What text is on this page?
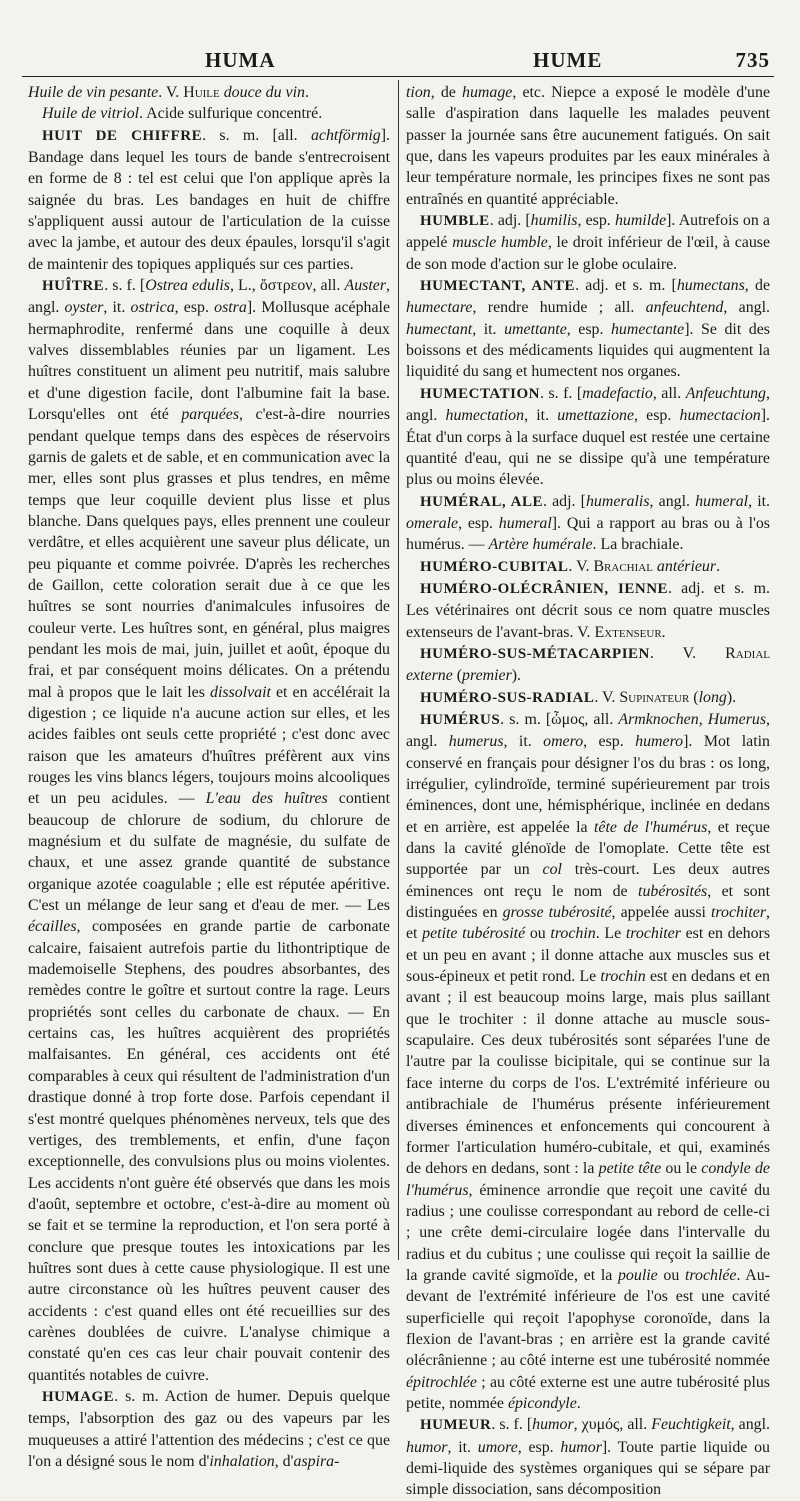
HUMA	HUME	735

Huile de vin pesante. V. Huile douce du vin.

Huile de vitriol. Acide sulfurique concentré.

HUIT DE CHIFFRE. s. m. [all. achtförmig]. Bandage dans lequel les tours de bande s'entrecroisent en forme de 8 : tel est celui que l'on applique après la saignée du bras. Les bandages en huit de chiffre s'appliquent aussi autour de l'articulation de la cuisse avec la jambe, et autour des deux épaules, lorsqu'il s'agit de maintenir des topiques appliqués sur ces parties.

HUÎTRE. s. f. [Ostrea edulis, L., ὄστρεον, all. Auster, angl. oyster, it. ostrica, esp. ostra]. Mollusque acéphale hermaphrodite, renfermé dans une coquille à deux valves dissemblables réunies par un ligament. Les huîtres constituent un aliment peu nutritif, mais salubre et d'une digestion facile, dont l'albumine fait la base. Lorsqu'elles ont été parquées, c'est-à-dire nourries pendant quelque temps dans des espèces de réservoirs garnis de galets et de sable, et en communication avec la mer, elles sont plus grasses et plus tendres, en même temps que leur coquille devient plus lisse et plus blanche. Dans quelques pays, elles prennent une couleur verdâtre, et elles acquièrent une saveur plus délicate, un peu piquante et comme poivrée. D'après les recherches de Gaillon, cette coloration serait due à ce que les huîtres se sont nourries d'animalcules infusoires de couleur verte. Les huîtres sont, en général, plus maigres pendant les mois de mai, juin, juillet et août, époque du frai, et par conséquent moins délicates. On a prétendu mal à propos que le lait les dissolvait et en accélérait la digestion ; ce liquide n'a aucune action sur elles, et les acides faibles ont seuls cette propriété ; c'est donc avec raison que les amateurs d'huîtres préfèrent aux vins rouges les vins blancs légers, toujours moins alcooliques et un peu acidules. — L'eau des huîtres contient beaucoup de chlorure de sodium, du chlorure de magnésium et du sulfate de magnésie, du sulfate de chaux, et une assez grande quantité de substance organique azotée coagulable ; elle est réputée apéritive. C'est un mélange de leur sang et d'eau de mer. — Les écailles, composées en grande partie de carbonate calcaire, faisaient autrefois partie du lithontriptique de mademoiselle Stephens, des poudres absorbantes, des remèdes contre le goître et surtout contre la rage. Leurs propriétés sont celles du carbonate de chaux. — En certains cas, les huîtres acquièrent des propriétés malfaisantes. En général, ces accidents ont été comparables à ceux qui résultent de l'administration d'un drastique donné à trop forte dose. Parfois cependant il s'est montré quelques phénomènes nerveux, tels que des vertiges, des tremblements, et enfin, d'une façon exceptionnelle, des convulsions plus ou moins violentes. Les accidents n'ont guère été observés que dans les mois d'août, septembre et octobre, c'est-à-dire au moment où se fait et se termine la reproduction, et l'on sera porté à conclure que presque toutes les intoxications par les huîtres sont dues à cette cause physiologique. Il est une autre circonstance où les huîtres peuvent causer des accidents : c'est quand elles ont été recueillies sur des carènes doublées de cuivre. L'analyse chimique a constaté qu'en ces cas leur chair pouvait contenir des quantités notables de cuivre.

HUMAGE. s. m. Action de humer. Depuis quelque temps, l'absorption des gaz ou des vapeurs par les muqueuses a attiré l'attention des médecins ; c'est ce que l'on a désigné sous le nom d'inhalation, d'aspira-

tion, de humage, etc. Niepce a exposé le modèle d'une salle d'aspiration dans laquelle les malades peuvent passer la journée sans être aucunement fatigués. On sait que, dans les vapeurs produites par les eaux minérales à leur température normale, les principes fixes ne sont pas entraînés en quantité appréciable.

HUMBLE. adj. [humilis, esp. humilde]. Autrefois on a appelé muscle humble, le droit inférieur de l'œil, à cause de son mode d'action sur le globe oculaire.

HUMECTANT, ANTE. adj. et s. m. [humectans, de humectare, rendre humide ; all. anfeuchtend, angl. humectant, it. umettante, esp. humectante]. Se dit des boissons et des médicaments liquides qui augmentent la liquidité du sang et humectent nos organes.

HUMECTATION. s. f. [madefactio, all. Anfeuchtung, angl. humectation, it. umettazione, esp. humectacion]. État d'un corps à la surface duquel est restée une certaine quantité d'eau, qui ne se dissipe qu'à une température plus ou moins élevée.

HUMÉRAL, ALE. adj. [humeralis, angl. humeral, it. omerale, esp. humeral]. Qui a rapport au bras ou à l'os humérus. — Artère humérale. La brachiale.

HUMÉRO-CUBITAL. V. Brachial antérieur.

HUMÉRO-OLÉCRÂNIEN, IENNE. adj. et s. m. Les vétérinaires ont décrit sous ce nom quatre muscles extenseurs de l'avant-bras. V. Extenseur.

HUMÉRO-SUS-MÉTACARPIEN. V. Radial externe (premier).

HUMÉRO-SUS-RADIAL. V. Supinateur (long).

HUMÉRUS. s. m. [ὦμος, all. Armknochen, Humerus, angl. humerus, it. omero, esp. humero]. Mot latin conservé en français pour désigner l'os du bras : os long, irrégulier, cylindroïde, terminé supérieurement par trois éminences, dont une, hémisphérique, inclinée en dedans et en arrière, est appelée la tête de l'humérus, et reçue dans la cavité glénoïde de l'omoplate. Cette tête est supportée par un col très-court. Les deux autres éminences ont reçu le nom de tubérosités, et sont distinguées en grosse tubérosité, appelée aussi trochiter, et petite tubérosité ou trochin. Le trochiter est en dehors et un peu en avant ; il donne attache aux muscles sus et sous-épineux et petit rond. Le trochin est en dedans et en avant ; il est beaucoup moins large, mais plus saillant que le trochiter : il donne attache au muscle sous-scapulaire. Ces deux tubérosités sont séparées l'une de l'autre par la coulisse bicipitale, qui se continue sur la face interne du corps de l'os. L'extrémité inférieure ou antibrachiale de l'humérus présente inférieurement diverses éminences et enfoncements qui concourent à former l'articulation huméro-cubitale, et qui, examinés de dehors en dedans, sont : la petite tête ou le condyle de l'humérus, éminence arrondie que reçoit une cavité du radius ; une coulisse correspondant au rebord de celle-ci ; une crête demi-circulaire logée dans l'intervalle du radius et du cubitus ; une coulisse qui reçoit la saillie de la grande cavité sigmoïde, et la poulie ou trochlée. Au-devant de l'extrémité inférieure de l'os est une cavité superficielle qui reçoit l'apophyse coronoïde, dans la flexion de l'avant-bras ; en arrière est la grande cavité olécrânienne ; au côté interne est une tubérosité nommée épitrochlée ; au côté externe est une autre tubérosité plus petite, nommée épicondyle.

HUMEUR. s. f. [humor, χυμός, all. Feuchtigkeit, angl. humor, it. umore, esp. humor]. Toute partie liquide ou demi-liquide des systèmes organiques qui se sépare par simple dissociation, sans décomposition
